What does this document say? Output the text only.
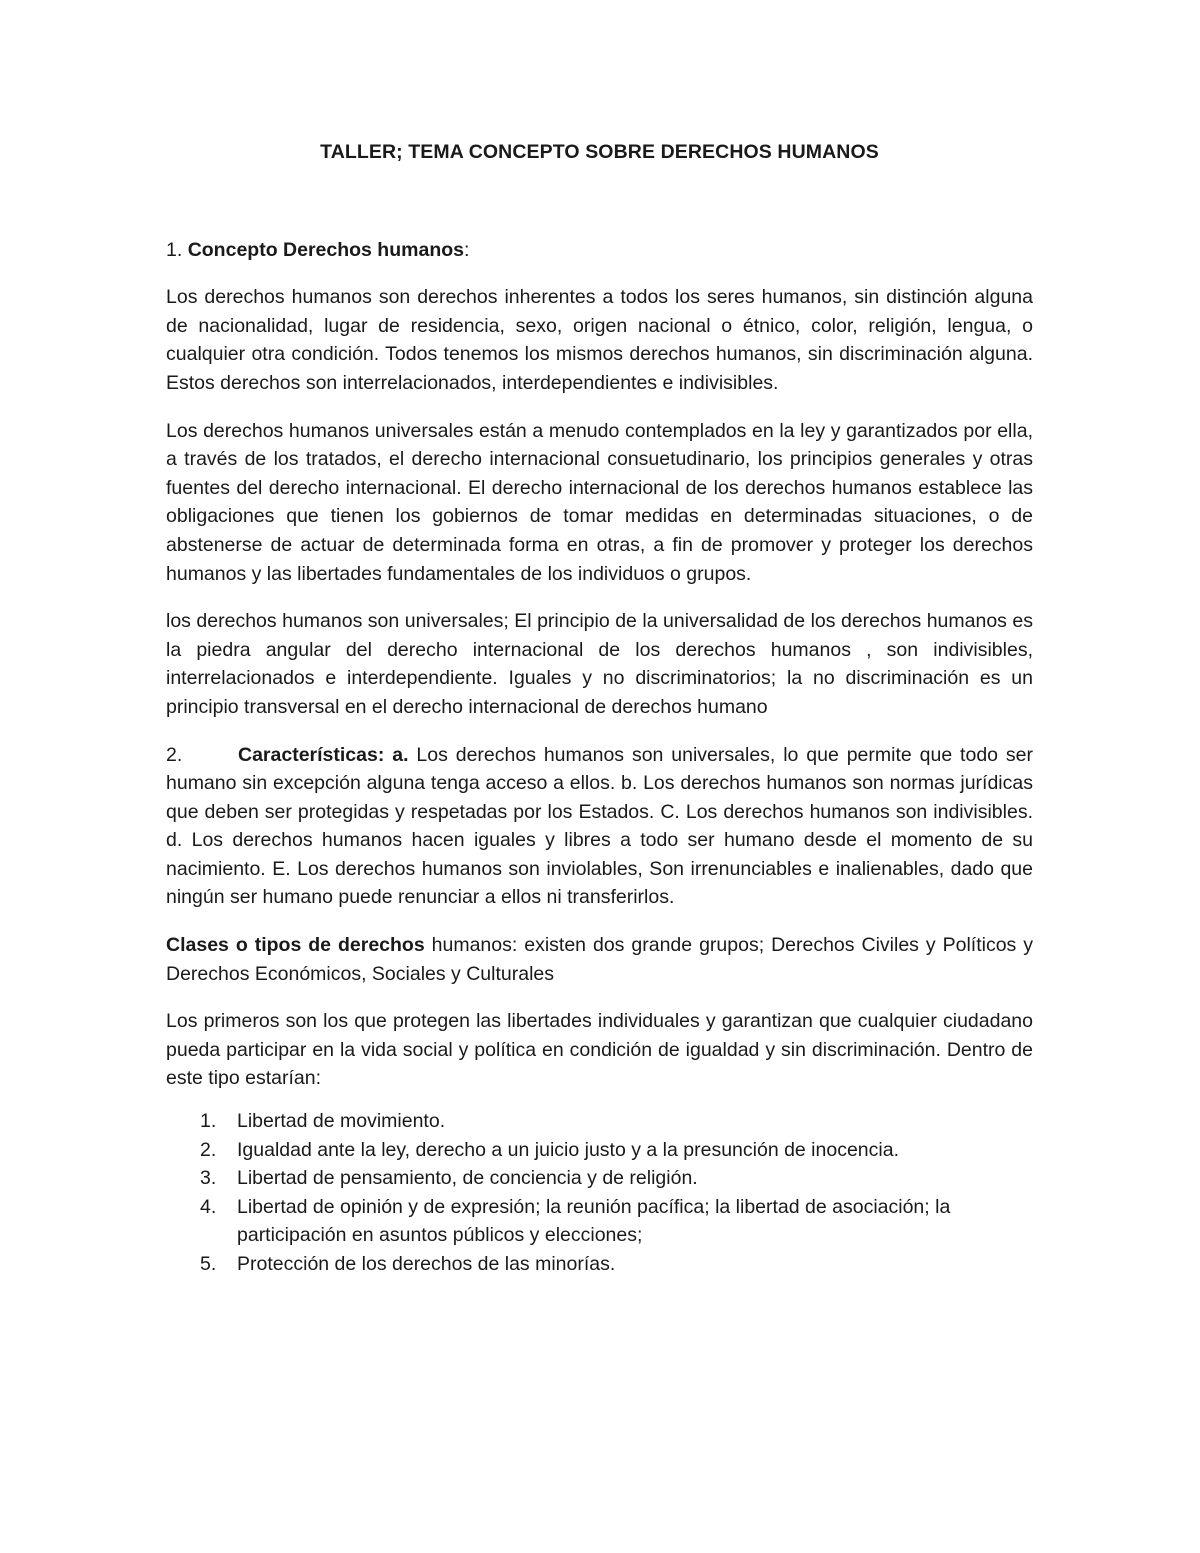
TALLER; TEMA CONCEPTO SOBRE DERECHOS HUMANOS

1. Concepto Derechos humanos:

Los derechos humanos son derechos inherentes a todos los seres humanos, sin distinción alguna de nacionalidad, lugar de residencia, sexo, origen nacional o étnico, color, religión, lengua, o cualquier otra condición. Todos tenemos los mismos derechos humanos, sin discriminación alguna. Estos derechos son interrelacionados, interdependientes e indivisibles.

Los derechos humanos universales están a menudo contemplados en la ley y garantizados por ella, a través de los tratados, el derecho internacional consuetudinario, los principios generales y otras fuentes del derecho internacional. El derecho internacional de los derechos humanos establece las obligaciones que tienen los gobiernos de tomar medidas en determinadas situaciones, o de abstenerse de actuar de determinada forma en otras, a fin de promover y proteger los derechos humanos y las libertades fundamentales de los individuos o grupos.

los derechos humanos son universales; El principio de la universalidad de los derechos humanos es la piedra angular del derecho internacional de los derechos humanos , son indivisibles, interrelacionados e interdependiente. Iguales y no discriminatorios; la no discriminación es un principio transversal en el derecho internacional de derechos humano

2.	Características: a. Los derechos humanos son universales, lo que permite que todo ser humano sin excepción alguna tenga acceso a ellos. b. Los derechos humanos son normas jurídicas que deben ser protegidas y respetadas por los Estados. C. Los derechos humanos son indivisibles. d. Los derechos humanos hacen iguales y libres a todo ser humano desde el momento de su nacimiento. E. Los derechos humanos son inviolables, Son irrenunciables e inalienables, dado que ningún ser humano puede renunciar a ellos ni transferirlos.

Clases o tipos de derechos humanos: existen dos grande grupos; Derechos Civiles y Políticos y Derechos Económicos, Sociales y Culturales

Los primeros son los que protegen las libertades individuales y garantizan que cualquier ciudadano pueda participar en la vida social y política en condición de igualdad y sin discriminación. Dentro de este tipo estarían:

1. Libertad de movimiento.
2. Igualdad ante la ley, derecho a un juicio justo y a la presunción de inocencia.
3. Libertad de pensamiento, de conciencia y de religión.
4. Libertad de opinión y de expresión; la reunión pacífica; la libertad de asociación; la participación en asuntos públicos y elecciones;
5. Protección de los derechos de las minorías.
